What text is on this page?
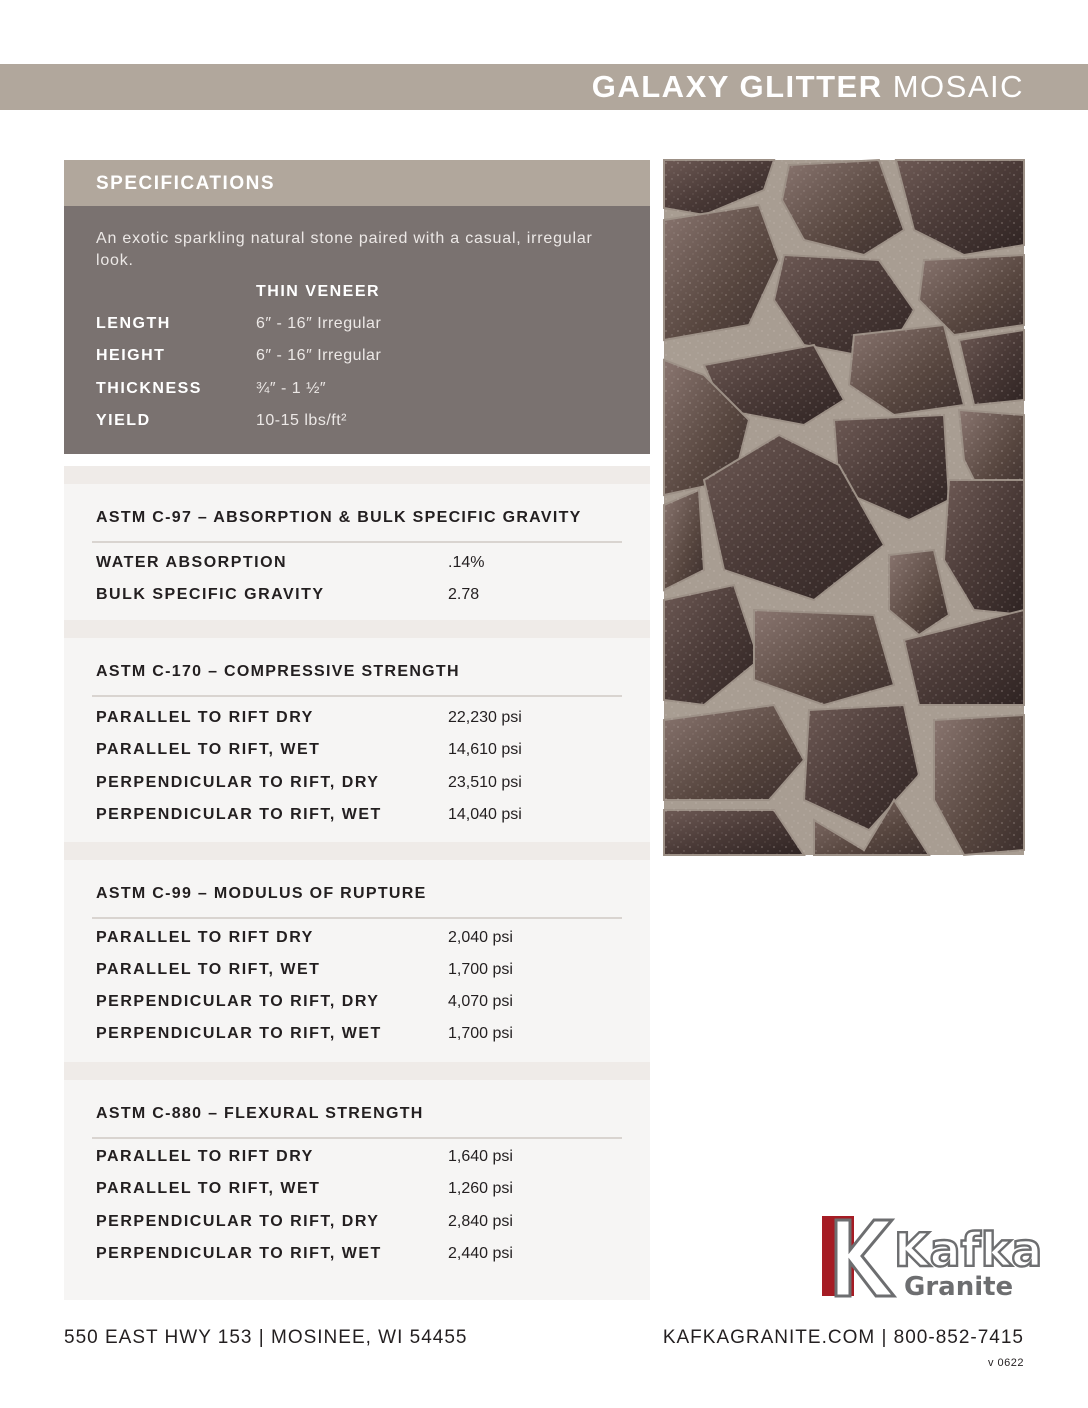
GALAXY GLITTER MOSAIC
SPECIFICATIONS
An exotic sparkling natural stone paired with a casual, irregular look.
THIN VENEER
LENGTH	6″ - 16″ Irregular
HEIGHT	6″ - 16″ Irregular
THICKNESS	¾″ - 1 ½″
YIELD	10-15 lbs/ft²
ASTM C-97 – ABSORPTION & BULK SPECIFIC GRAVITY
WATER ABSORPTION	.14%
BULK SPECIFIC GRAVITY	2.78
ASTM C-170 – COMPRESSIVE STRENGTH
PARALLEL TO RIFT DRY	22,230 psi
PARALLEL TO RIFT, WET	14,610 psi
PERPENDICULAR TO RIFT, DRY	23,510 psi
PERPENDICULAR TO RIFT, WET	14,040 psi
ASTM C-99 – MODULUS OF RUPTURE
PARALLEL TO RIFT DRY	2,040 psi
PARALLEL TO RIFT, WET	1,700 psi
PERPENDICULAR TO RIFT, DRY	4,070 psi
PERPENDICULAR TO RIFT, WET	1,700 psi
ASTM C-880 – FLEXURAL STRENGTH
PARALLEL TO RIFT DRY	1,640 psi
PARALLEL TO RIFT, WET	1,260 psi
PERPENDICULAR TO RIFT, DRY	2,840 psi
PERPENDICULAR TO RIFT, WET	2,440 psi	Kafka
Granite
550 EAST HWY 153 | MOSINEE, WI 54455	KAFKAGRANITE.COM | 800-852-7415
v 0622
